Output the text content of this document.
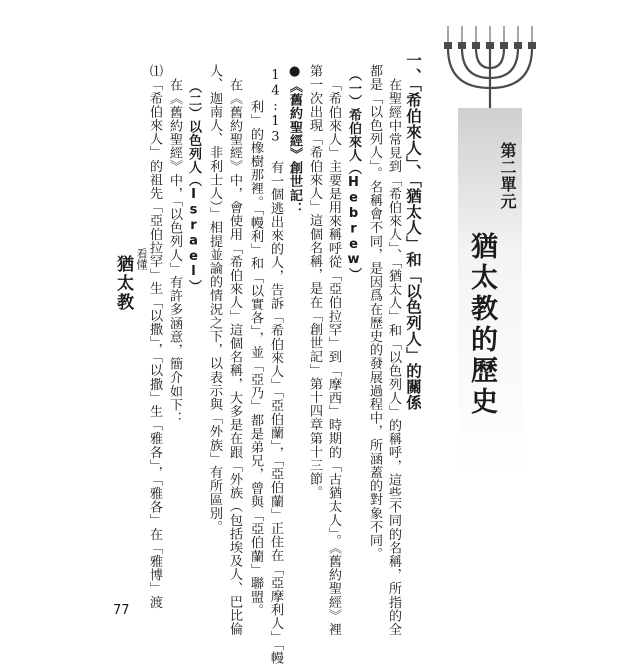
第二單元
猶太教的歷史
一、「希伯來人」、「猶太人」和「以色列人」的關係
在聖經中常見到「希伯來人」、「猶太人」和「以色列人」的稱呼，這些不同的名稱，所指的全
都是「以色列人」。名稱會不同，是因爲在歷史的發展過程中，所涵蓋的對象不同。
（一）希伯來人（Hebrew）
「希伯來人」主要是用來稱呼從「亞伯拉罕」到「摩西」時期的「古猶太人」。《舊約聖經》裡
第一次出現「希伯來人」這個名稱，是在「創世記」第十四章第十三節。
●《舊約聖經》創世記：
14:13 有一個逃出來的人，告訴「希伯來人」「亞伯蘭」，「亞伯蘭」正住在「亞摩利人」「幔
利」的橡樹那裡。「幔利」和「以實各」，並「亞乃」都是弟兄，曾與「亞伯蘭」聯盟。
在《舊約聖經》中，會使用「希伯來人」這個名稱，大多是在跟「外族（包括埃及人、巴比倫
人、迦南人、非利士人）」相提並論的情況之下，以表示與「外族」有所區別。
（二）以色列人（Israel）
在《舊約聖經》中，「以色列人」有許多涵意，簡介如下：
⑴「希伯來人」的祖先「亞伯拉罕」生「以撒」，「以撒」生「雅各」，「雅各」在「雅博」渡
看懂
猶太教
77
